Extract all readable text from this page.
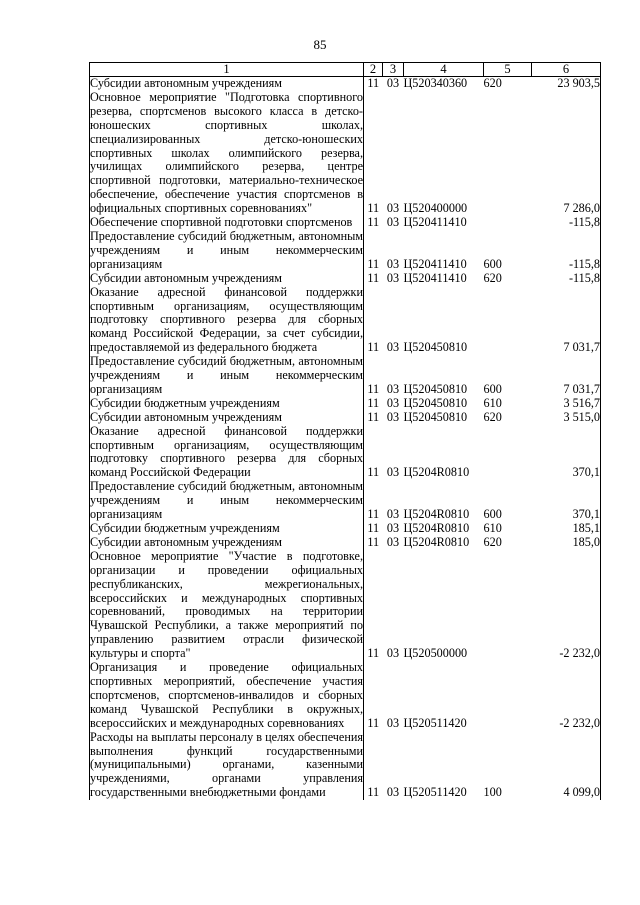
85
1	2	3	4	5	6
Субсидии автономным учреждениям	11	03	Ц520340360	620	23 903,5
Основное мероприятие "Подготовка спортивного резерва, спортсменов высокого класса в детско-юношеских спортивных школах, специализированных детско-юношеских спортивных школах олимпийского резерва, училищах олимпийского резерва, центре спортивной подготовки, материально-техническое обеспечение, обеспечение участия спортсменов в официальных спортивных соревнованиях"	11	03	Ц520400000		7 286,0
Обеспечение спортивной подготовки спортсменов	11	03	Ц520411410		-115,8
Предоставление субсидий бюджетным, автономным учреждениям и иным некоммерческим организациям	11	03	Ц520411410	600	-115,8
Субсидии автономным учреждениям	11	03	Ц520411410	620	-115,8
Оказание адресной финансовой поддержки спортивным организациям, осуществляющим подготовку спортивного резерва для сборных команд Российской Федерации, за счет субсидии, предоставляемой из федерального бюджета	11	03	Ц520450810		7 031,7
Предоставление субсидий бюджетным, автономным учреждениям и иным некоммерческим организациям	11	03	Ц520450810	600	7 031,7
Субсидии бюджетным учреждениям	11	03	Ц520450810	610	3 516,7
Субсидии автономным учреждениям	11	03	Ц520450810	620	3 515,0
Оказание адресной финансовой поддержки спортивным организациям, осуществляющим подготовку спортивного резерва для сборных команд Российской Федерации	11	03	Ц5204R0810		370,1
Предоставление субсидий бюджетным, автономным учреждениям и иным некоммерческим организациям	11	03	Ц5204R0810	600	370,1
Субсидии бюджетным учреждениям	11	03	Ц5204R0810	610	185,1
Субсидии автономным учреждениям	11	03	Ц5204R0810	620	185,0
Основное мероприятие "Участие в подготовке, организации и проведении официальных республиканских, межрегиональных, всероссийских и международных спортивных соревнований, проводимых на территории Чувашской Республики, а также мероприятий по управлению развитием отрасли физической культуры и спорта"	11	03	Ц520500000		-2 232,0
Организация и проведение официальных спортивных мероприятий, обеспечение участия спортсменов, спортсменов-инвалидов и сборных команд Чувашской Республики в окружных, всероссийских и международных соревнованиях	11	03	Ц520511420		-2 232,0
Расходы на выплаты персоналу в целях обеспечения выполнения функций государственными (муниципальными) органами, казенными учреждениями, органами управления государственными внебюджетными фондами	11	03	Ц520511420	100	4 099,0
